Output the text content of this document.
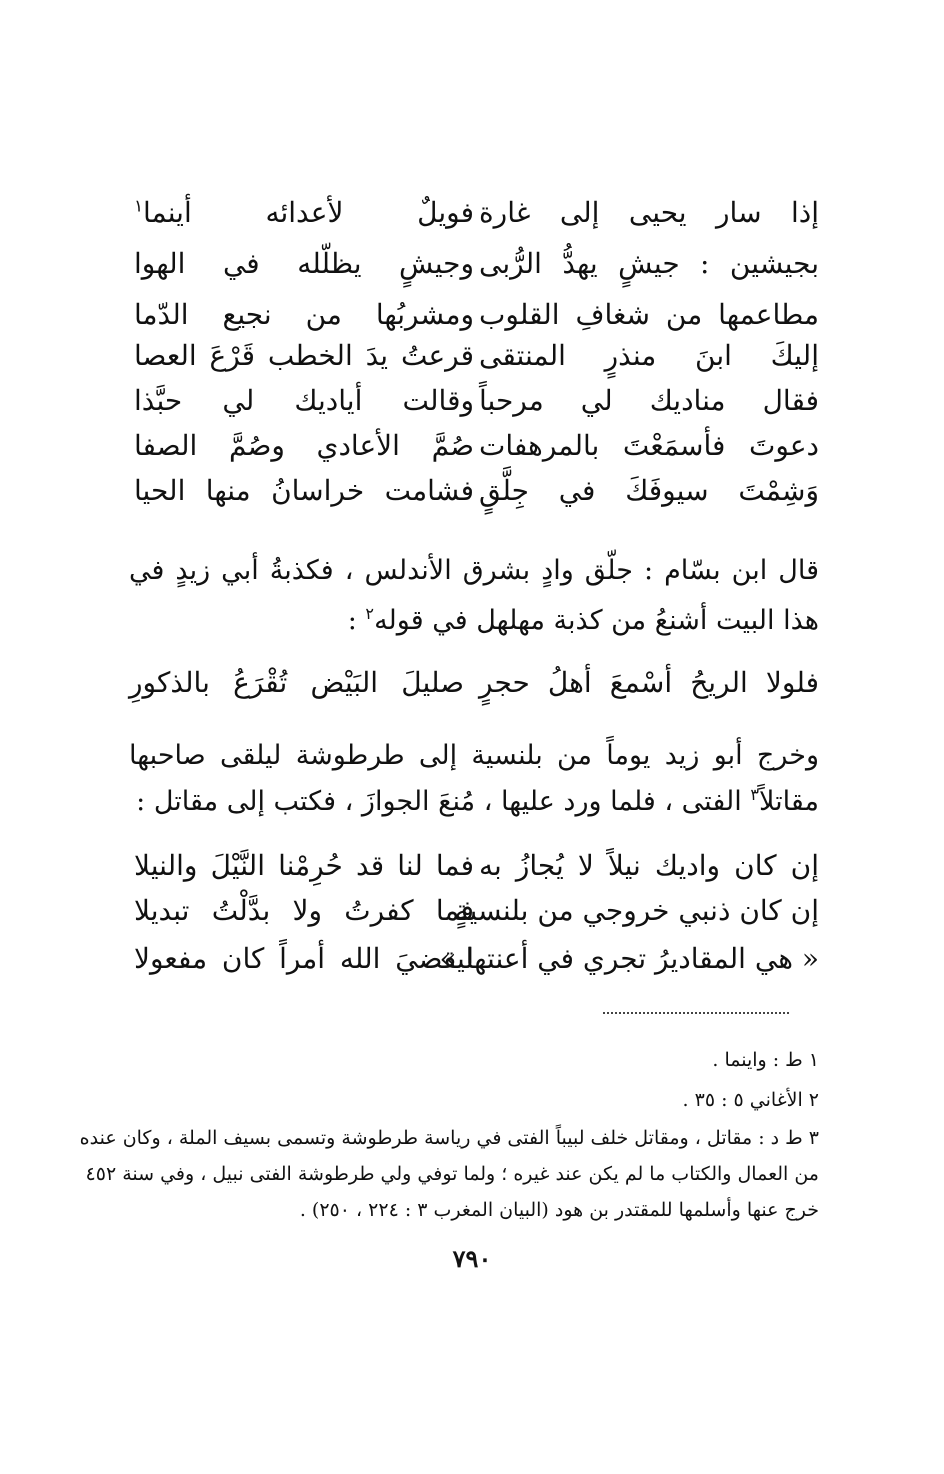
إذا سار يحيى إلى غارة
فويلٌ لأعدائه أينما$^١$
بجيشين : جيشٍ يهدُّ الرُّبى
وجيشٍ يظلّله في الهوا
مطاعمها من شغافِ القلوب
ومشربُها من نجيع الدّما
إليكَ ابنَ منذرٍ المنتقى
قرعتُ يدَ الخطب قَرْعَ العصا
فقال مناديك لي مرحباً
وقالت أياديك لي حبَّذا
دعوتَ فأسمَعْتَ بالمرهفات
صُمَّ الأعادي وصُمَّ الصفا
وَشِمْتَ سيوفَكَ في جِلَّقٍ
فشامت خراسانُ منها الحيا
قال ابن بسّام : جلّق وادٍ بشرق الأندلس ، فكذبةُ أبي زيدٍ في هذا البيت أشنعُ من كذبة مهلهل في قوله$^٢$ :
فلولا الريحُ أسْمعَ أهلُ حجرٍ
صليلَ البَيْض تُقْرَعُ بالذكورِ
وخرج أبو زيد يوماً من بلنسية إلى طرطوشة ليلقى صاحبها مقاتلاً$^٣$ الفتى ، فلما ورد عليها ، مُنعَ الجوازَ ، فكتب إلى مقاتل :
إن كان واديك نيلاً لا يُجازُ به
فما لنا قد حُرِمْنا النَّيْلَ والنيلا
إن كان ذنبي خروجي من بلنسيةٍ
فما كفرتُ ولا بدَّلْتُ تبديلا
« هي المقاديرُ تجري في أعنتها »
ليقضيَ الله أمراً كان مفعولا
١ ط : واينما .
٢ الأغاني ٥ : ٣٥ .
٣ ط د : مقاتل ، ومقاتل خلف لبيباً الفتى في رياسة طرطوشة وتسمى بسيف الملة ، وكان عنده
من العمال والكتاب ما لم يكن عند غيره ؛ ولما توفي ولي طرطوشة الفتى نبيل ، وفي سنة ٤٥٢
خرج عنها وأسلمها للمقتدر بن هود (البيان المغرب ٣ : ٢٢٤ ، ٢٥٠) .
٧٩٠
